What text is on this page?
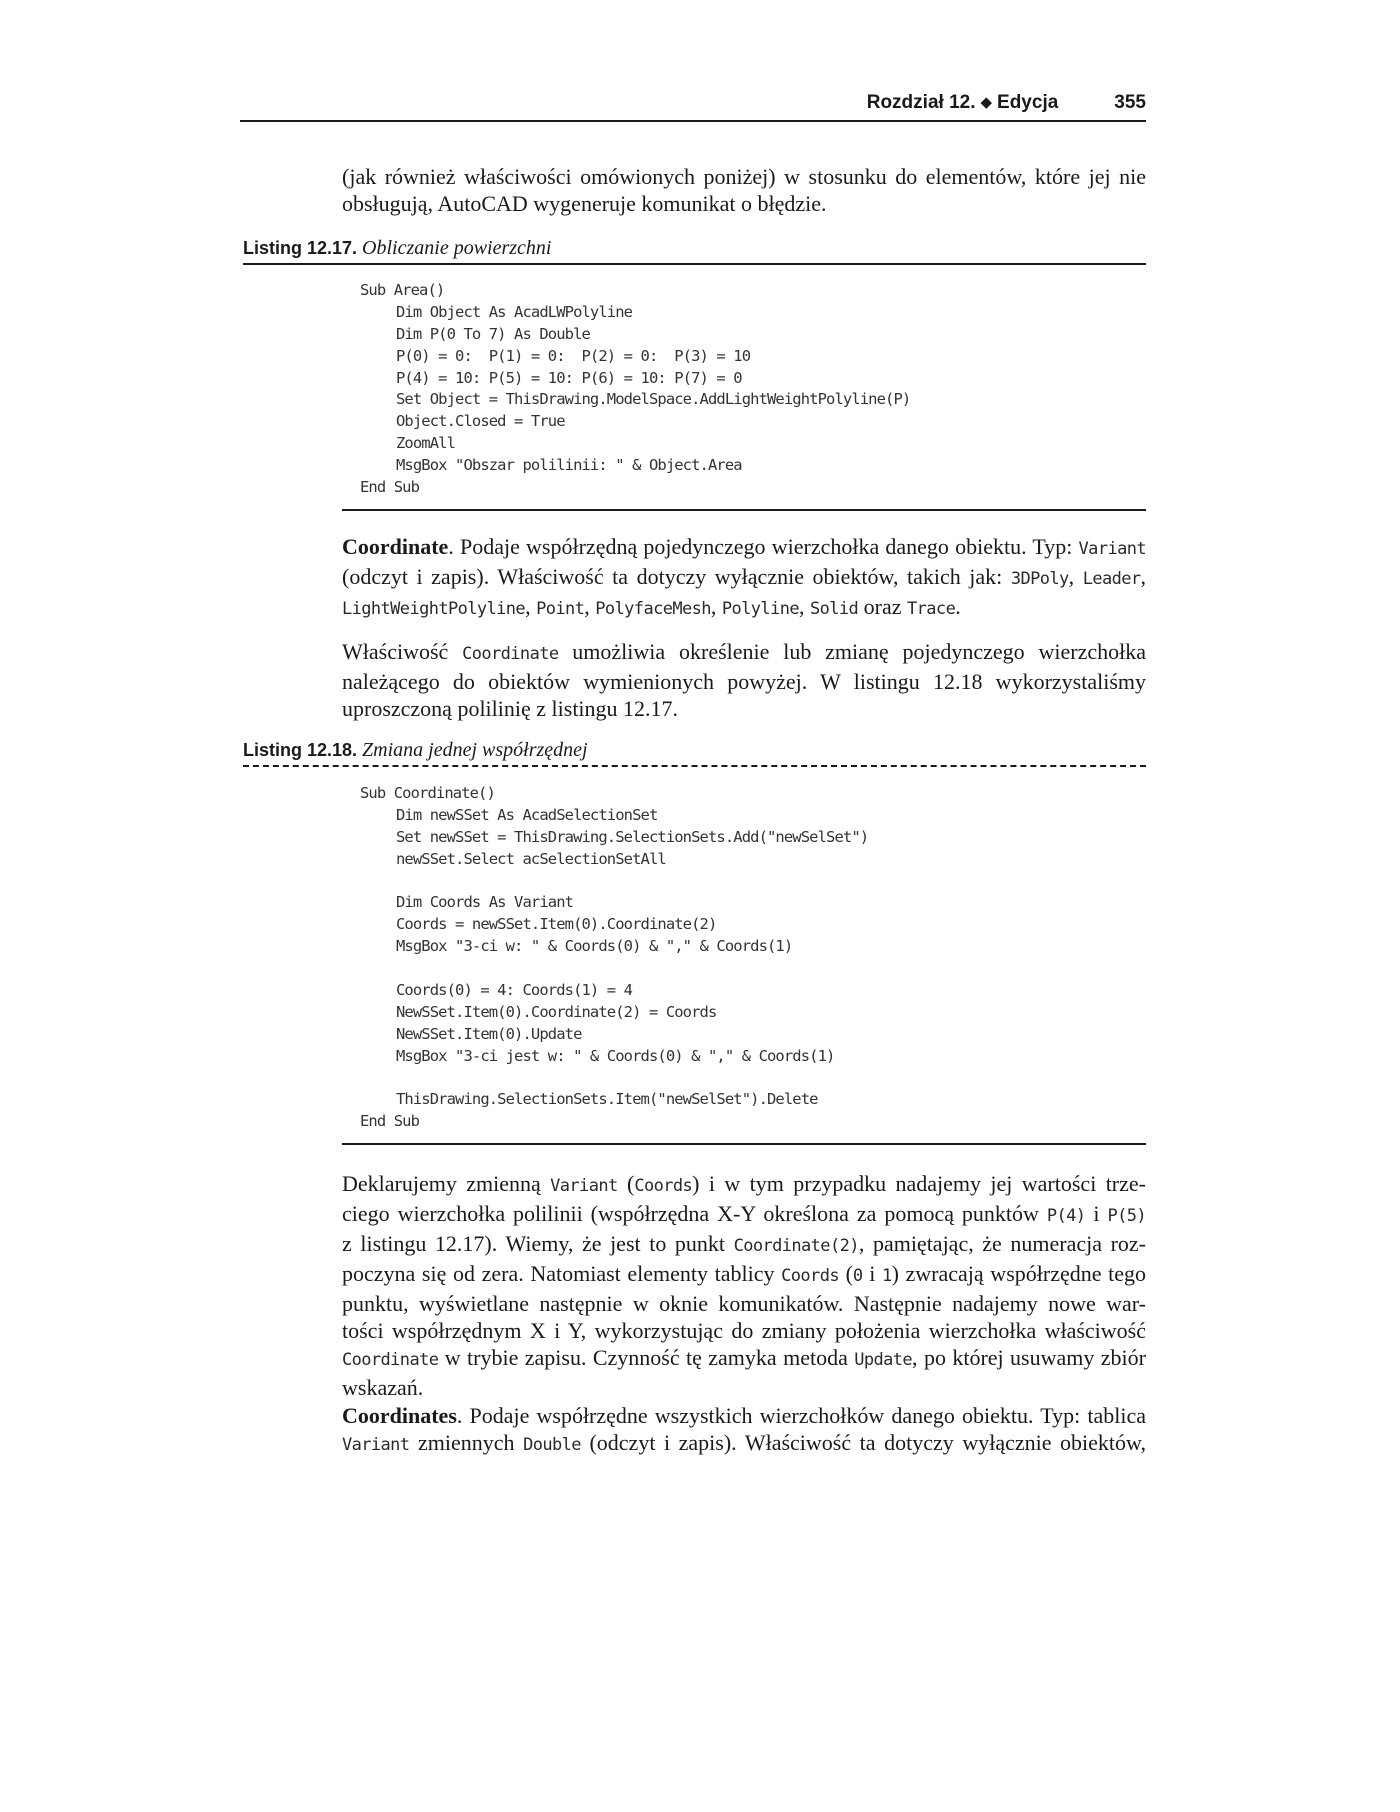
Rozdział 12. ◆ Edycja	355
(jak również właściwości omówionych poniżej) w stosunku do elementów, które jej nie
obsługują, AutoCAD wygeneruje komunikat o błędzie.
Listing 12.17. Obliczanie powierzchni
Sub Area()
Dim Object As AcadLWPolyline
Dim P(0 To 7) As Double
P(0) = 0:  P(1) = 0:  P(2) = 0:  P(3) = 10
P(4) = 10: P(5) = 10: P(6) = 10: P(7) = 0
Set Object = ThisDrawing.ModelSpace.AddLightWeightPolyline(P)
Object.Closed = True
ZoomAll
MsgBox "Obszar polilinii: " & Object.Area
End Sub
Coordinate. Podaje współrzędną pojedynczego wierzchołka danego obiektu. Typ: Variant
(odczyt i zapis). Właściwość ta dotyczy wyłącznie obiektów, takich jak: 3DPoly, Leader,
LightWeightPolyline, Point, PolyfaceMesh, Polyline, Solid oraz Trace.
Właściwość Coordinate umożliwia określenie lub zmianę pojedynczego wierzchołka
należącego do obiektów wymienionych powyżej. W listingu 12.18 wykorzystaliśmy
uproszczoną polilinię z listingu 12.17.
Listing 12.18. Zmiana jednej współrzędnej
Sub Coordinate()
Dim newSSet As AcadSelectionSet
Set newSSet = ThisDrawing.SelectionSets.Add("newSelSet")
newSSet.Select acSelectionSetAll
Dim Coords As Variant
Coords = newSSet.Item(0).Coordinate(2)
MsgBox "3-ci w: " & Coords(0) & "," & Coords(1)
Coords(0) = 4: Coords(1) = 4
NewSSet.Item(0).Coordinate(2) = Coords
NewSSet.Item(0).Update
MsgBox "3-ci jest w: " & Coords(0) & "," & Coords(1)
ThisDrawing.SelectionSets.Item("newSelSet").Delete
End Sub
Deklarujemy zmienną Variant (Coords) i w tym przypadku nadajemy jej wartości trze-
ciego wierzchołka polilinii (współrzędna X-Y określona za pomocą punktów P(4) i P(5)
z listingu 12.17). Wiemy, że jest to punkt Coordinate(2), pamiętając, że numeracja roz-
poczyna się od zera. Natomiast elementy tablicy Coords (0 i 1) zwracają współrzędne tego
punktu, wyświetlane następnie w oknie komunikatów. Następnie nadajemy nowe war-
tości współrzędnym X i Y, wykorzystując do zmiany położenia wierzchołka właściwość
Coordinate w trybie zapisu. Czynność tę zamyka metoda Update, po której usuwamy zbiór
wskazań.
Coordinates. Podaje współrzędne wszystkich wierzchołków danego obiektu. Typ: tablica
Variant zmiennych Double (odczyt i zapis). Właściwość ta dotyczy wyłącznie obiektów,
